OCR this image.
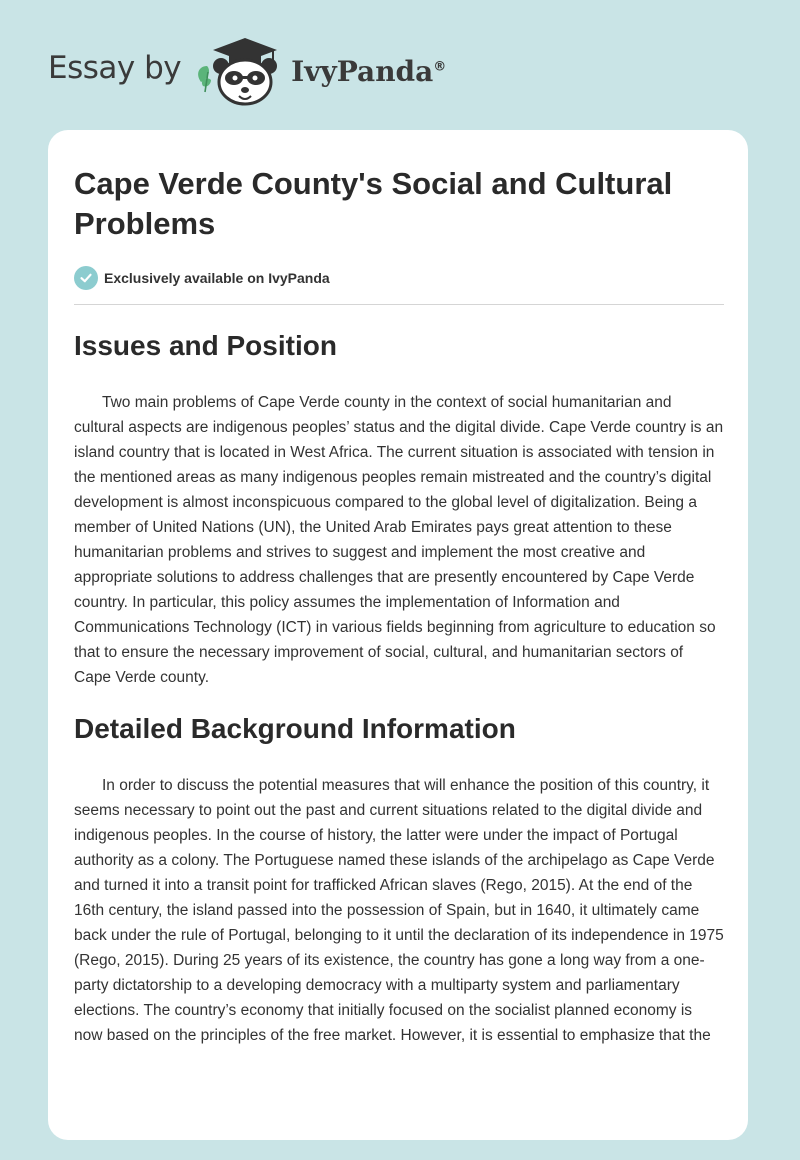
Essay by	IvyPanda®
Cape Verde County's Social and Cultural Problems
Exclusively available on IvyPanda
Issues and Position

Two main problems of Cape Verde county in the context of social humanitarian and cultural aspects are indigenous peoples’ status and the digital divide. Cape Verde country is an island country that is located in West Africa. The current situation is associated with tension in the mentioned areas as many indigenous peoples remain mistreated and the country’s digital development is almost inconspicuous compared to the global level of digitalization. Being a member of United Nations (UN), the United Arab Emirates pays great attention to these humanitarian problems and strives to suggest and implement the most creative and appropriate solutions to address challenges that are presently encountered by Cape Verde country. In particular, this policy assumes the implementation of Information and Communications Technology (ICT) in various fields beginning from agriculture to education so that to ensure the necessary improvement of social, cultural, and humanitarian sectors of Cape Verde county.

Detailed Background Information

In order to discuss the potential measures that will enhance the position of this country, it seems necessary to point out the past and current situations related to the digital divide and indigenous peoples. In the course of history, the latter were under the impact of Portugal authority as a colony. The Portuguese named these islands of the archipelago as Cape Verde and turned it into a transit point for trafficked African slaves (Rego, 2015). At the end of the 16th century, the island passed into the possession of Spain, but in 1640, it ultimately came back under the rule of Portugal, belonging to it until the declaration of its independence in 1975 (Rego, 2015). During 25 years of its existence, the country has gone a long way from a one-party dictatorship to a developing democracy with a multiparty system and parliamentary elections. The country’s economy that initially focused on the socialist planned economy is now based on the principles of the free market. However, it is essential to emphasize that the
